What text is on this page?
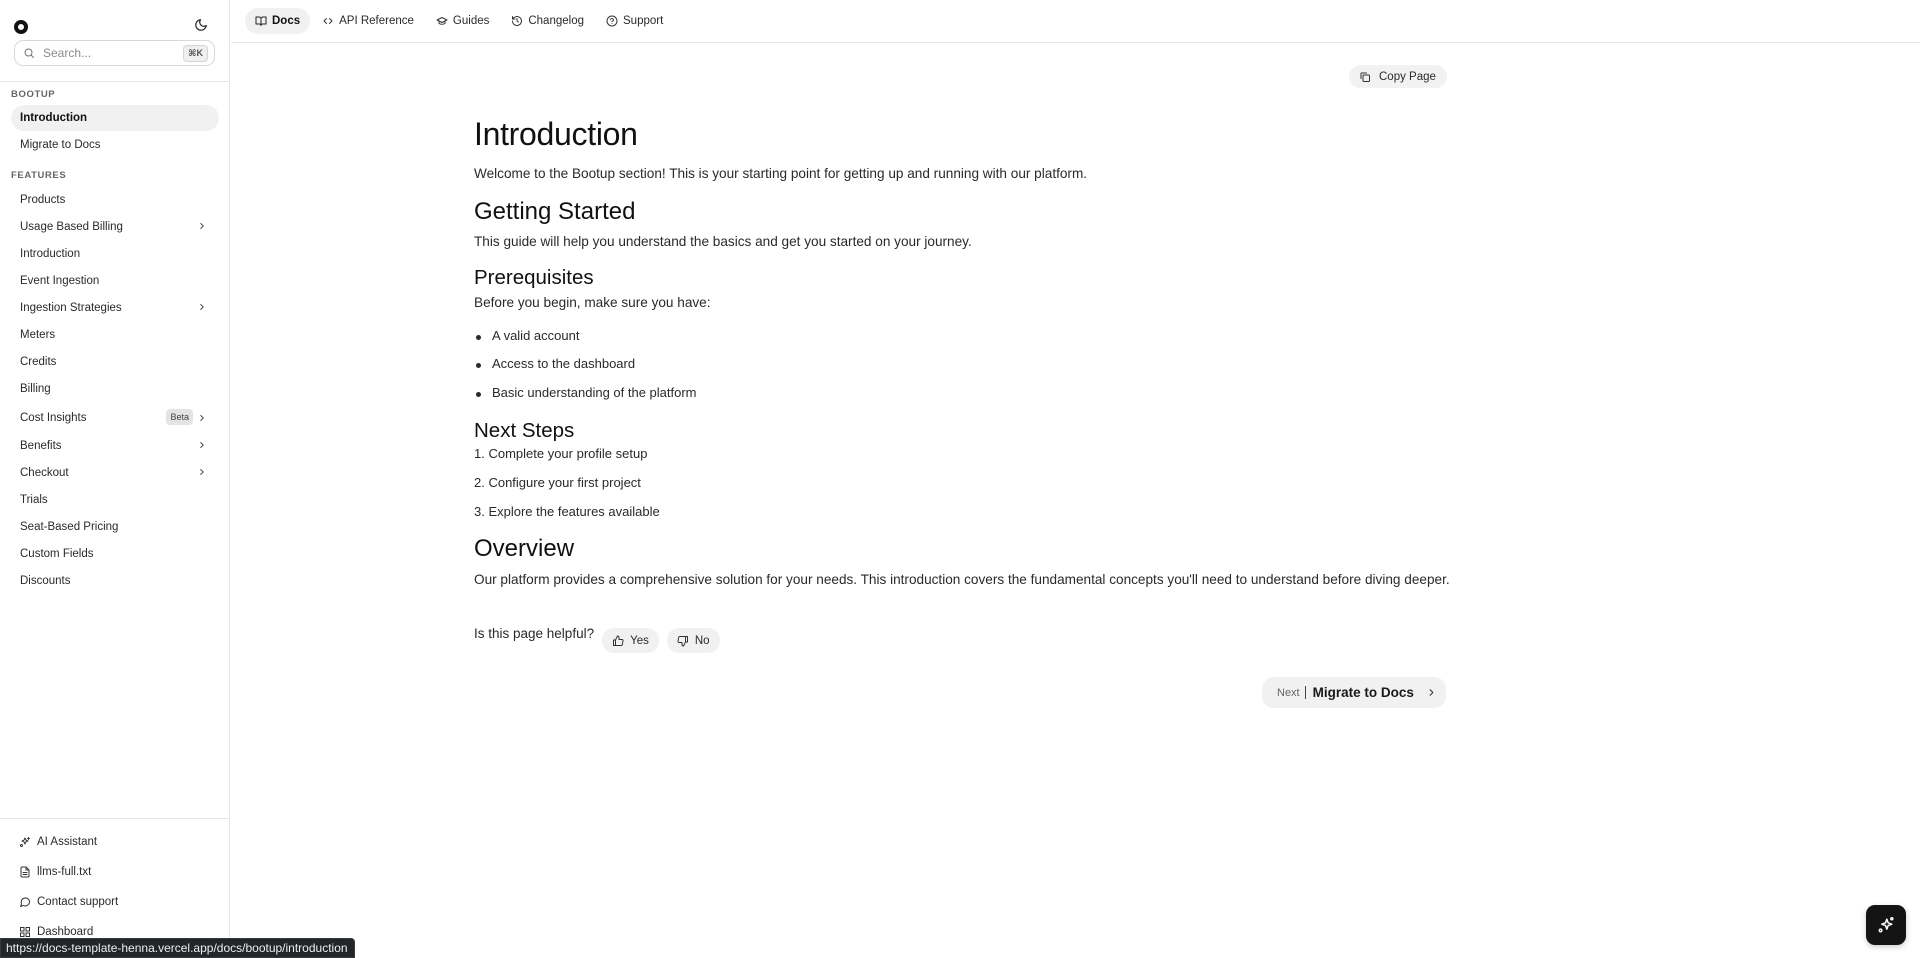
Search...
⌘K
BOOTUP
Introduction
Migrate to Docs
FEATURES
Products
Usage Based Billing
Introduction
Event Ingestion
Ingestion Strategies
Meters
Credits
Billing
Cost Insights	Beta
Benefits
Checkout
Trials
Seat-Based Pricing
Custom Fields
Discounts
AI Assistant
llms-full.txt
Contact support
Dashboard
Docs	API Reference	Guides	Changelog	Support
Copy Page
Introduction

Welcome to the Bootup section! This is your starting point for getting up and running with our platform.

Getting Started

This guide will help you understand the basics and get you started on your journey.

Prerequisites

Before you begin, make sure you have:

A valid account
Access to the dashboard
Basic understanding of the platform
Next Steps
1. Complete your profile setup
2. Configure your first project
3. Explore the features available
Overview

Our platform provides a comprehensive solution for your needs. This introduction covers the fundamental concepts you'll need to understand before diving deeper.

Is this page helpful?	Yes	No
Next Migrate to Docs
https://docs-template-henna.vercel.app/docs/bootup/introduction
